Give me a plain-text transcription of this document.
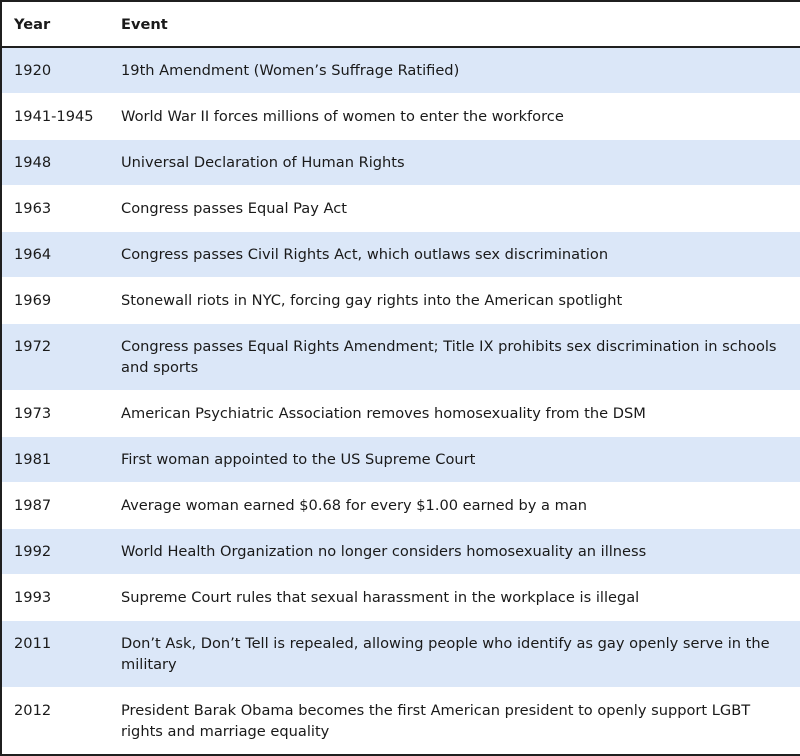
Year	Event
1920	19th Amendment (Women’s Suffrage Ratified)
1941-1945	World War II forces millions of women to enter the workforce
1948	Universal Declaration of Human Rights
1963	Congress passes Equal Pay Act
1964	Congress passes Civil Rights Act, which outlaws sex discrimination
1969	Stonewall riots in NYC, forcing gay rights into the American spotlight
1972	Congress passes Equal Rights Amendment; Title IX prohibits sex discrimination in schools and sports
1973	American Psychiatric Association removes homosexuality from the DSM
1981	First woman appointed to the US Supreme Court
1987	Average woman earned $0.68 for every $1.00 earned by a man
1992	World Health Organization no longer considers homosexuality an illness
1993	Supreme Court rules that sexual harassment in the workplace is illegal
2011	Don’t Ask, Don’t Tell is repealed, allowing people who identify as gay openly serve in the military
2012	President Barak Obama becomes the first American president to openly support LGBT rights and marriage equality
